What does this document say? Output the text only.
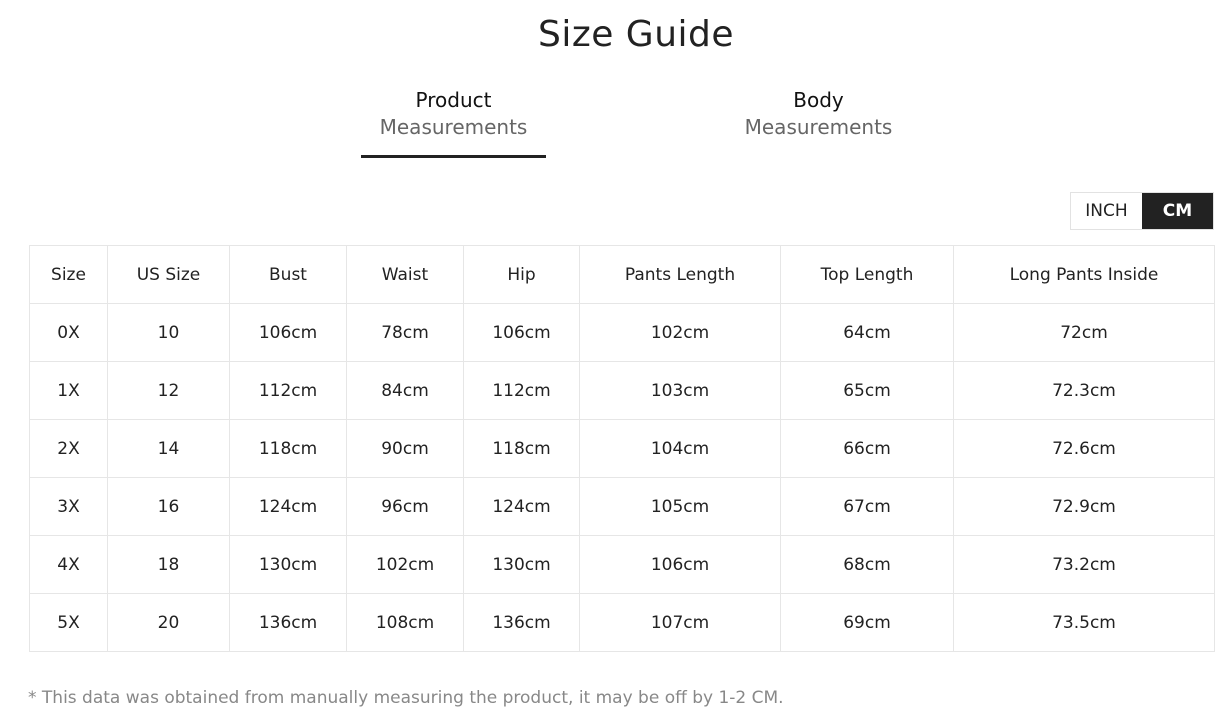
Size Guide
Product
Measurements
Body
Measurements
INCH	CM
Size	US Size	Bust	Waist	Hip	Pants Length	Top Length	Long Pants Inside
0X	10	106cm	78cm	106cm	102cm	64cm	72cm
1X	12	112cm	84cm	112cm	103cm	65cm	72.3cm
2X	14	118cm	90cm	118cm	104cm	66cm	72.6cm
3X	16	124cm	96cm	124cm	105cm	67cm	72.9cm
4X	18	130cm	102cm	130cm	106cm	68cm	73.2cm
5X	20	136cm	108cm	136cm	107cm	69cm	73.5cm
* This data was obtained from manually measuring the product, it may be off by 1-2 CM.
